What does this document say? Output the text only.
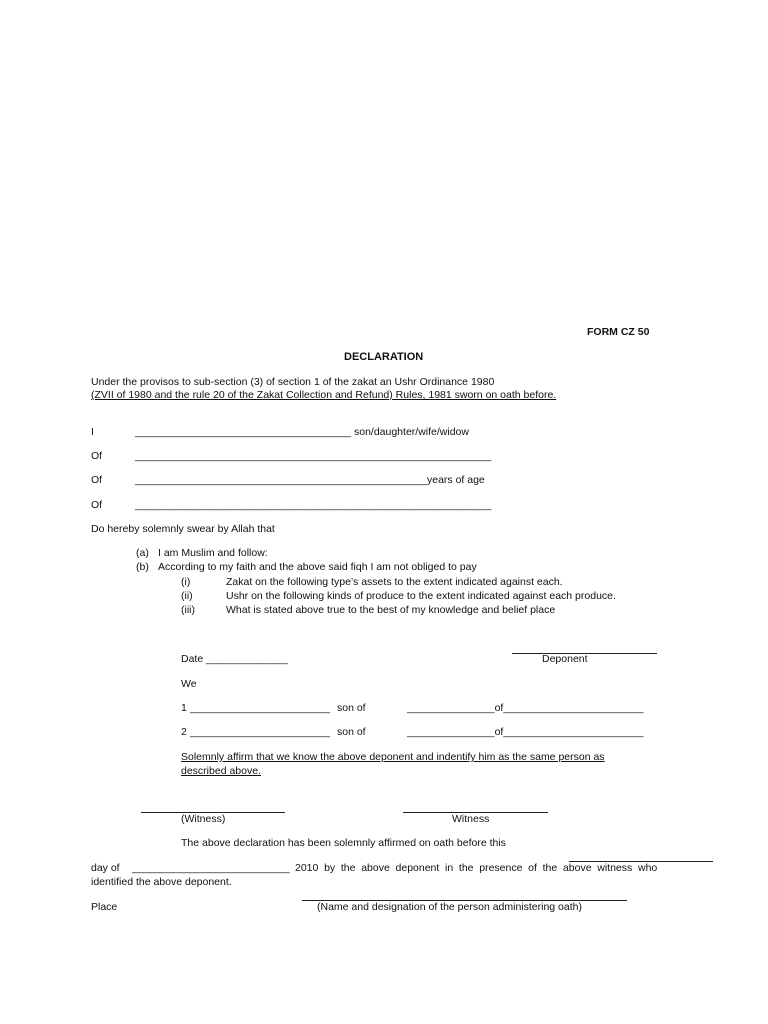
FORM CZ 50
DECLARATION
Under the provisos to sub-section (3) of section 1 of the zakat an Ushr Ordinance 1980
(ZVII of 1980 and the rule 20 of the Zakat Collection and Refund) Rules, 1981 sworn on oath before.
I	_____________________________________ son/daughter/wife/widow
Of	_____________________________________________________________
Of	__________________________________________________years of age
Of	_____________________________________________________________
Do hereby solemnly swear by Allah that
(a) I am Muslim and follow:
(b) According to my faith and the above said fiqh I am not obliged to pay
(i)	Zakat on the following type’s assets to the extent indicated against each.
(ii)	Ushr on the following kinds of produce to the extent indicated against each produce.
(iii)	What is stated above true to the best of my knowledge and belief place
Date ______________	Deponent
We
1 ________________________ son of	_______________of________________________
2 ________________________ son of	_______________of________________________
Solemnly affirm that we know the above deponent and indentify him as the same person as
described above.
(Witness)	Witness
The above declaration has been solemnly affirmed on oath before this
day of ___________________________ 2010 by the above deponent in the presence of the above witness who
identified the above deponent.
Place	(Name and designation of the person administering oath)
